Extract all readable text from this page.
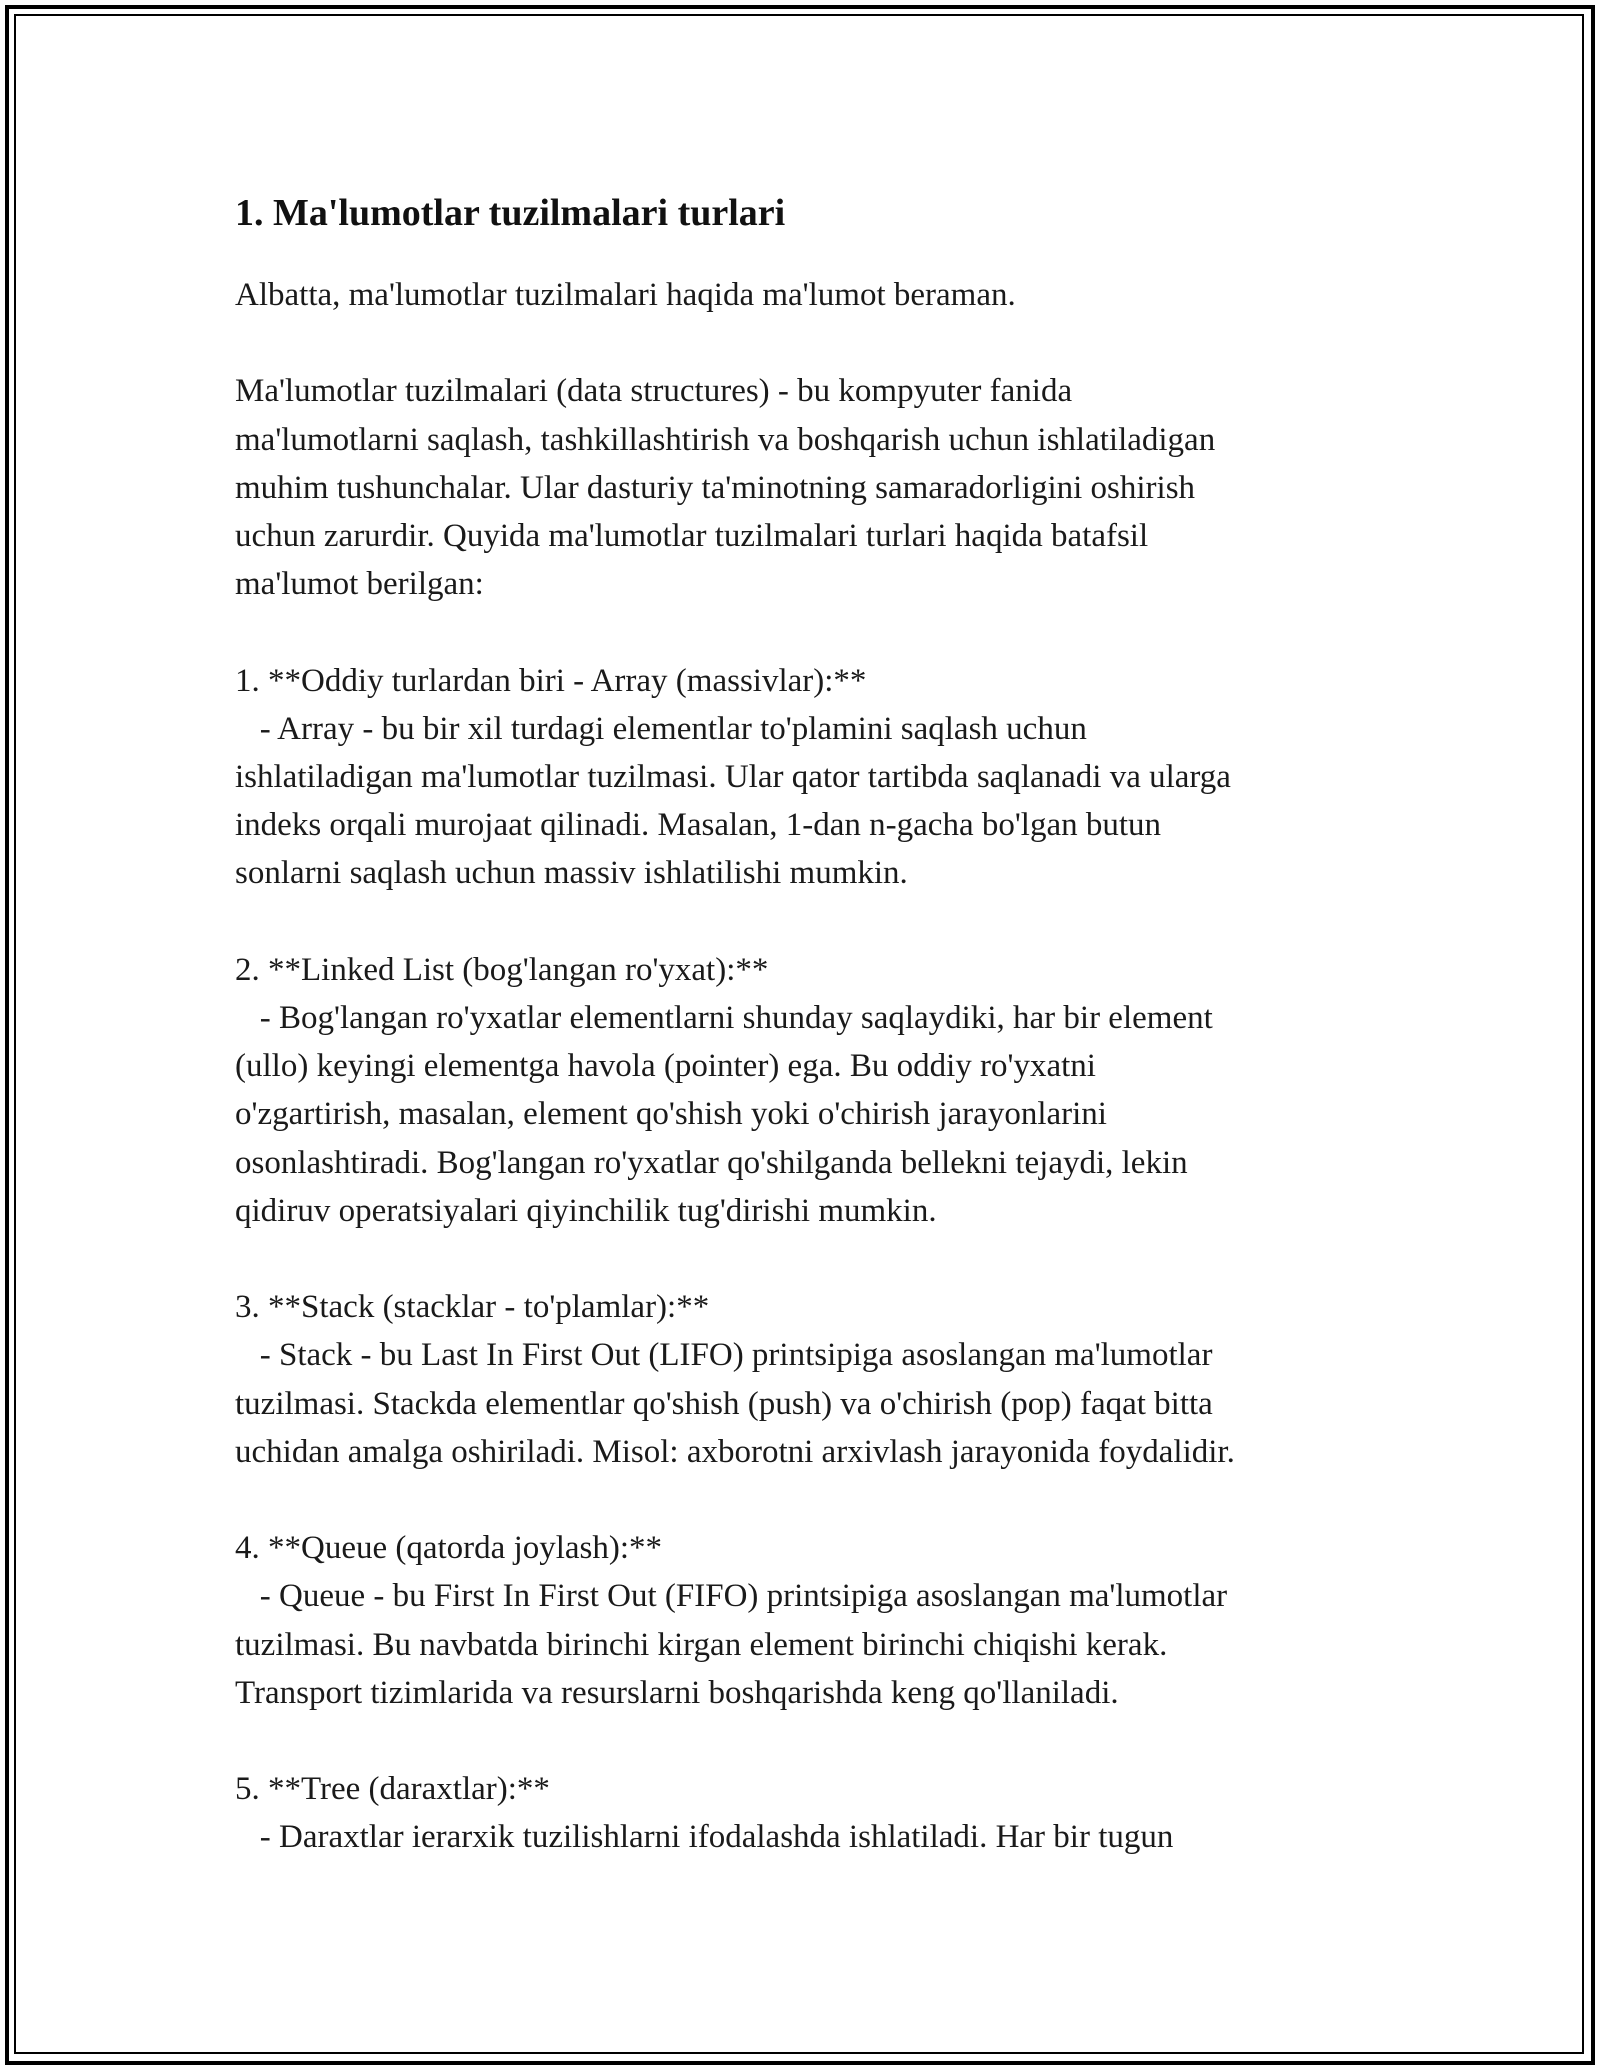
1. Ma'lumotlar tuzilmalari turlari

Albatta, ma'lumotlar tuzilmalari haqida ma'lumot beraman.

Ma'lumotlar tuzilmalari (data structures) - bu kompyuter fanida
ma'lumotlarni saqlash, tashkillashtirish va boshqarish uchun ishlatiladigan
muhim tushunchalar. Ular dasturiy ta'minotning samaradorligini oshirish
uchun zarurdir. Quyida ma'lumotlar tuzilmalari turlari haqida batafsil
ma'lumot berilgan:

1. **Oddiy turlardan biri - Array (massivlar):**

- Array - bu bir xil turdagi elementlar to'plamini saqlash uchun
ishlatiladigan ma'lumotlar tuzilmasi. Ular qator tartibda saqlanadi va ularga
indeks orqali murojaat qilinadi. Masalan, 1-dan n-gacha bo'lgan butun
sonlarni saqlash uchun massiv ishlatilishi mumkin.

2. **Linked List (bog'langan ro'yxat):**

- Bog'langan ro'yxatlar elementlarni shunday saqlaydiki, har bir element
(ullo) keyingi elementga havola (pointer) ega. Bu oddiy ro'yxatni
o'zgartirish, masalan, element qo'shish yoki o'chirish jarayonlarini
osonlashtiradi. Bog'langan ro'yxatlar qo'shilganda bellekni tejaydi, lekin
qidiruv operatsiyalari qiyinchilik tug'dirishi mumkin.

3. **Stack (stacklar - to'plamlar):**

- Stack - bu Last In First Out (LIFO) printsipiga asoslangan ma'lumotlar
tuzilmasi. Stackda elementlar qo'shish (push) va o'chirish (pop) faqat bitta
uchidan amalga oshiriladi. Misol: axborotni arxivlash jarayonida foydalidir.

4. **Queue (qatorda joylash):**

- Queue - bu First In First Out (FIFO) printsipiga asoslangan ma'lumotlar
tuzilmasi. Bu navbatda birinchi kirgan element birinchi chiqishi kerak.
Transport tizimlarida va resurslarni boshqarishda keng qo'llaniladi.

5. **Tree (daraxtlar):**

- Daraxtlar ierarxik tuzilishlarni ifodalashda ishlatiladi. Har bir tugun
